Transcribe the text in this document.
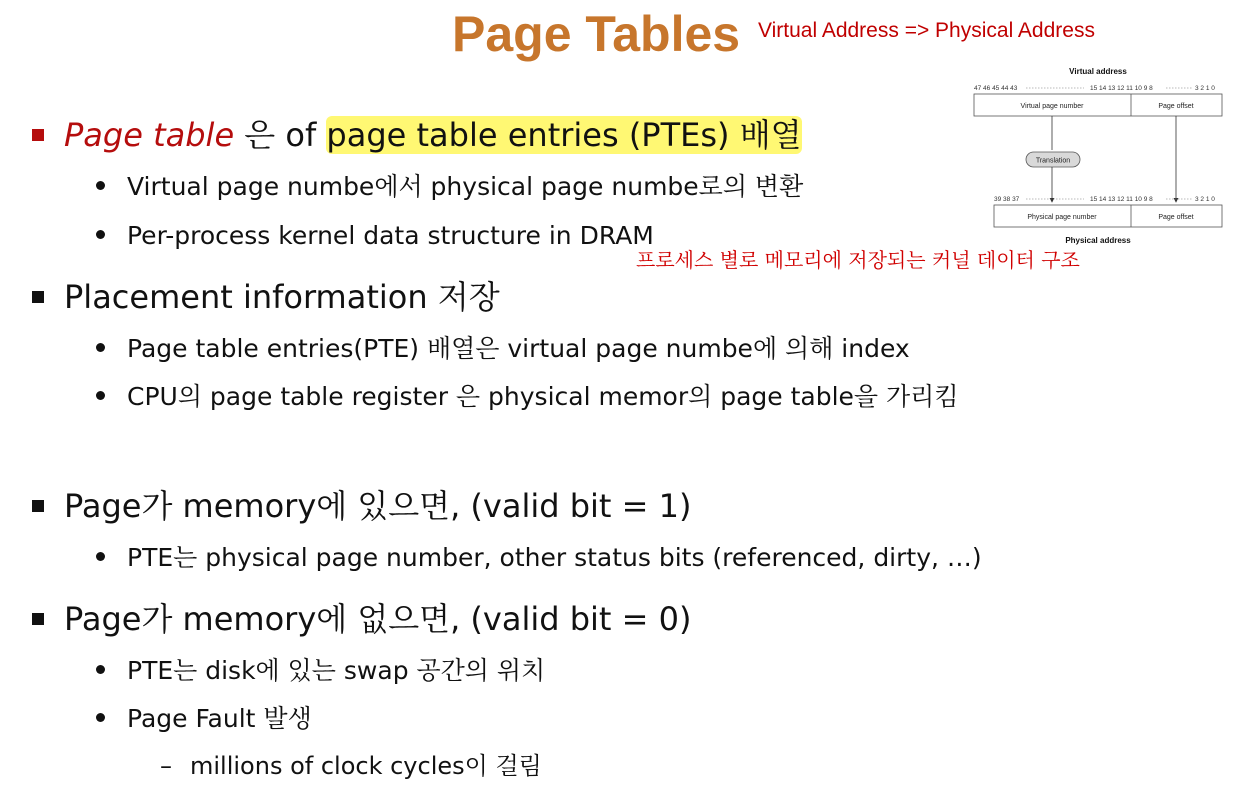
Page Tables Virtual Address => Physical Address
Page table 은 of page table entries (PTEs) 배열
Virtual page numbe에서 physical page numbe로의 변환
Per-process kernel data structure in DRAM
프로세스 별로 메모리에 저장되는 커널 데이터 구조
Placement information 저장
Page table entries(PTE) 배열은 virtual page numbe에 의해 index
CPU의 page table register 은 physical memor의 page table을 가리킴
Page가 memory에 있으면, (valid bit = 1)
PTE는 physical page number, other status bits (referenced, dirty, …)
Page가 memory에 없으면, (valid bit = 0)
PTE는 disk에 있는 swap 공간의 위치
Page Fault 발생
– millions of clock cycles이 걸림
Virtual address
47 46 45 44 43	15 14 13 12 11 10 9 8	3 2 1 0
Virtual page number	Page offset
Translation
39 38 37	15 14 13 12 11 10 9 8	3 2 1 0
Physical page number	Page offset
Physical address
